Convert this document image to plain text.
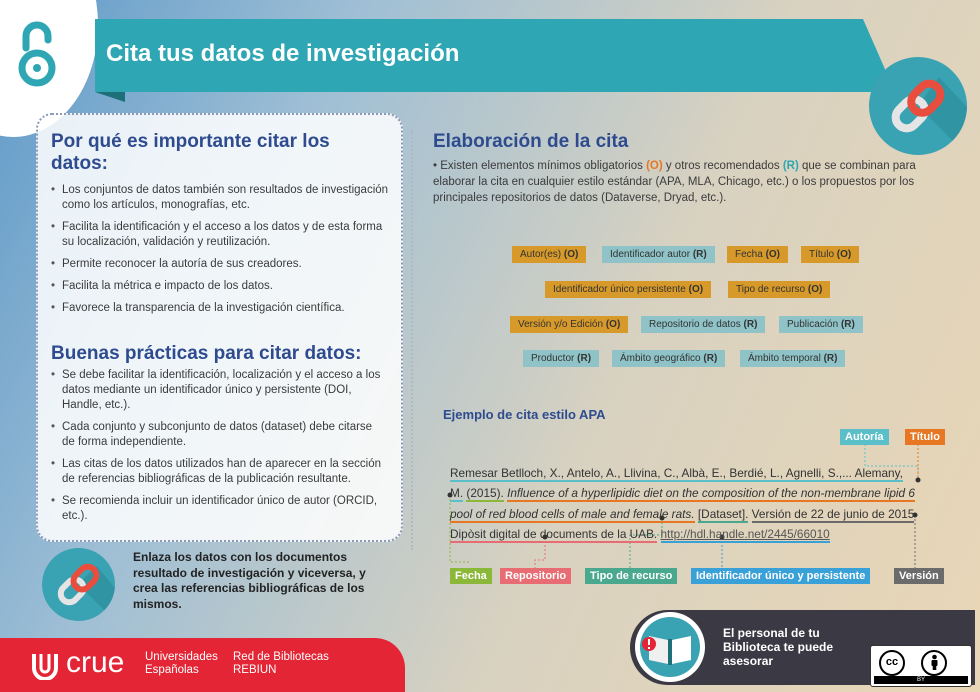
Cita tus datos de investigación
Por qué es importante citar los datos:
• Los conjuntos de datos también son resultados de investigación como los artículos, monografías, etc.
• Facilita la identificación y el acceso a los datos y de esta forma su localización, validación y reutilización.
• Permite reconocer la autoría de sus creadores.
• Facilita la métrica e impacto de los datos.
• Favorece la transparencia de la investigación científica.
Buenas prácticas para citar datos:
• Se debe facilitar la identificación, localización y el acceso a los datos mediante un identificador único y persistente (DOI, Handle, etc.).
• Cada conjunto y subconjunto de datos (dataset) debe citarse de forma independiente.
• Las citas de los datos utilizados han de aparecer en la sección de referencias bibliográficas de la publicación resultante.
• Se recomienda incluir un identificador único de autor (ORCID, etc.).
Enlaza los datos con los documentos resultado de investigación y viceversa, y crea las referencias bibliográficas de los mismos.
crue Universidades
Españolas
Red de Bibliotecas
REBIUN
Elaboración de la cita
• Existen elementos mínimos obligatorios (O) y otros recomendados (R) que se combinan para elaborar la cita en cualquier estilo estándar (APA, MLA, Chicago, etc.) o los propuestos por los principales repositorios de datos (Dataverse, Dryad, etc.).
Autor(es) (O)	Identificador autor (R)	Fecha (O)	Título (O)
Identificador único persistente (O)	Tipo de recurso (O)
Versión y/o Edición (O)	Repositorio de datos (R)	Publicación (R)
Productor (R)	Ámbito geográfico (R)	Ámbito temporal (R)
Ejemplo de cita estilo APA
Autoría	Título
Remesar Betlloch, X., Antelo, A., Llivina, C., Albà, E., Berdié, L., Agnelli, S.,... Alemany, M. (2015). Influence of a hyperlipidic diet on the composition of the non-membrane lipid 6 pool of red blood cells of male and female rats. [Dataset]. Versión de 22 de junio de 2015 Dipòsit digital de documents de la UAB. http://hdl.handle.net/2445/66010
Fecha	Repositorio	Tipo de recurso	Identificador único y persistente	Versión
El personal de tu Biblioteca te puede asesorar	cc
BY
